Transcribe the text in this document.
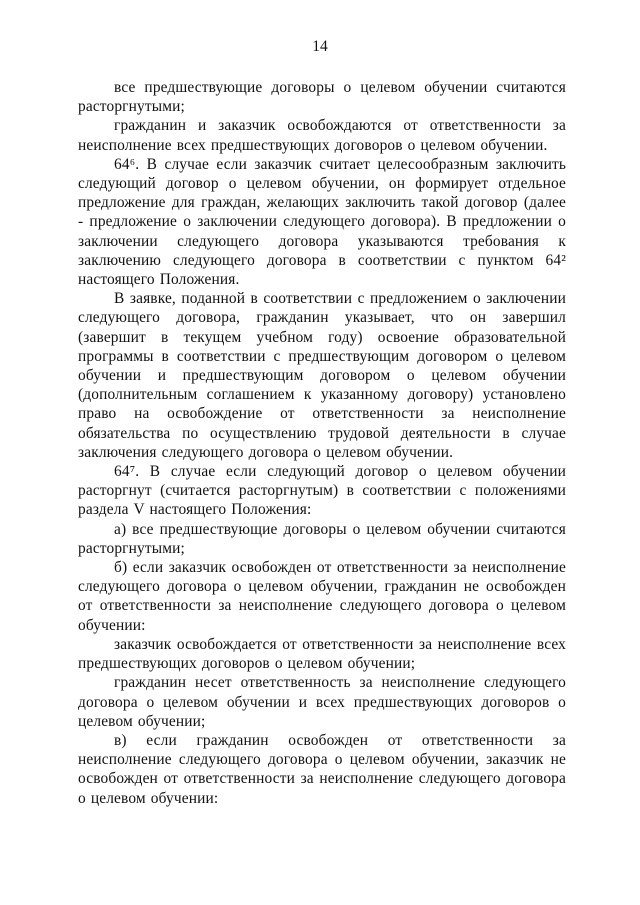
14

все предшествующие договоры о целевом обучении считаются расторгнутыми;

гражданин и заказчик освобождаются от ответственности за неисполнение всех предшествующих договоров о целевом обучении.

64⁶. В случае если заказчик считает целесообразным заключить следующий договор о целевом обучении, он формирует отдельное предложение для граждан, желающих заключить такой договор (далее - предложение о заключении следующего договора). В предложении о заключении следующего договора указываются требования к заключению следующего договора в соответствии с пунктом 64² настоящего Положения.

В заявке, поданной в соответствии с предложением о заключении следующего договора, гражданин указывает, что он завершил (завершит в текущем учебном году) освоение образовательной программы в соответствии с предшествующим договором о целевом обучении и предшествующим договором о целевом обучении (дополнительным соглашением к указанному договору) установлено право на освобождение от ответственности за неисполнение обязательства по осуществлению трудовой деятельности в случае заключения следующего договора о целевом обучении.

64⁷. В случае если следующий договор о целевом обучении расторгнут (считается расторгнутым) в соответствии с положениями раздела V настоящего Положения:

а) все предшествующие договоры о целевом обучении считаются расторгнутыми;

б) если заказчик освобожден от ответственности за неисполнение следующего договора о целевом обучении, гражданин не освобожден от ответственности за неисполнение следующего договора о целевом обучении:

заказчик освобождается от ответственности за неисполнение всех предшествующих договоров о целевом обучении;

гражданин несет ответственность за неисполнение следующего договора о целевом обучении и всех предшествующих договоров о целевом обучении;

в) если гражданин освобожден от ответственности за неисполнение следующего договора о целевом обучении, заказчик не освобожден от ответственности за неисполнение следующего договора о целевом обучении:
